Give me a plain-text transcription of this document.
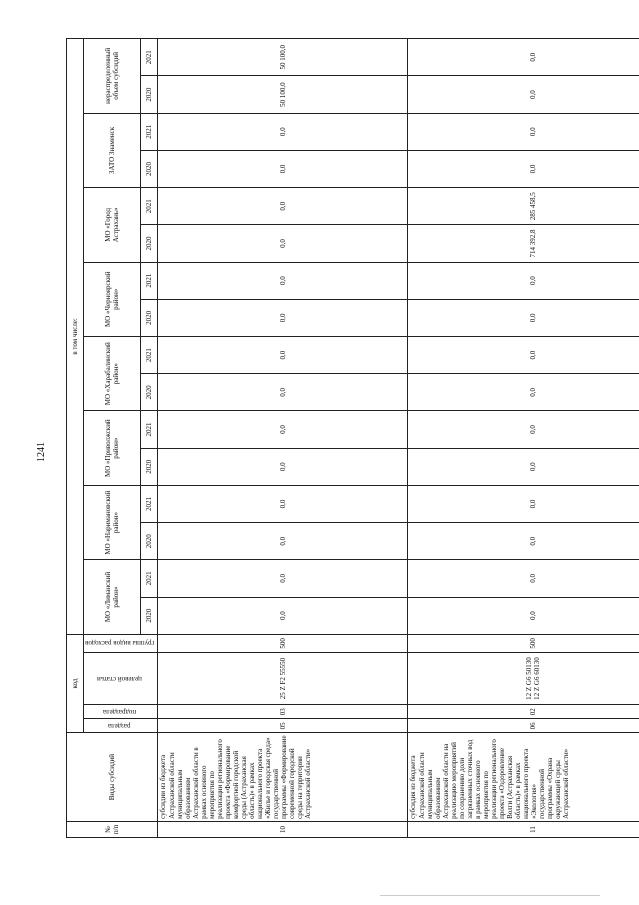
1241
№ п/п	Виды субсидий	код				в том числе:															
		раздела	подраздела	целевой статьи	группы видов расходов	МО «Лиманский район»		МО «Наримановский район»		МО «Приволжский район»		МО «Харабалинский район»		МО «Черноярский район»		МО «Город Астрахань»		ЗАТО Знаменск		нераспределенный объем субсидий	

						2020	2021	2020	2021	2020	2021	2020	2021	2020	2021	2020	2021	2020	2021	2020	2021
10	субсидии из бюджета Астраханской области муниципальным образованиям Астраханской области в рамках основного мероприятия по реализации регионального проекта «Формирование комфортной городской среды (Астраханская область)» в рамках национального проекта «Жилье и городская среда» государственной программы «Формирование современной городской среды на территории Астраханской области»	05	03	25 Z F2 55550	500	0,0	0,0	0,0	0,0	0,0	0,0	0,0	0,0	0,0	0,0	0,0	0,0	0,0	0,0	50 100,0	50 100,0
11	субсидия из бюджета Астраханской области муниципальным образованиям Астраханской области на реализацию мероприятий по сохранению доли загрязненных сточных вод в рамках основного мероприятия по реализации регионального проекта «Оздоровление Волги (Астраханская область)» в рамках национального проекта «Экология» государственной программы «Охрана окружающей среды Астраханской области»	06	02	12 Z G6 50130
12 Z G6 60130	500	0,0	0,0	0,0	0,0	0,0	0,0	0,0	0,0	0,0	0,0	714 392,8	285 458,5	0,0	0,0	0,0	0,0
